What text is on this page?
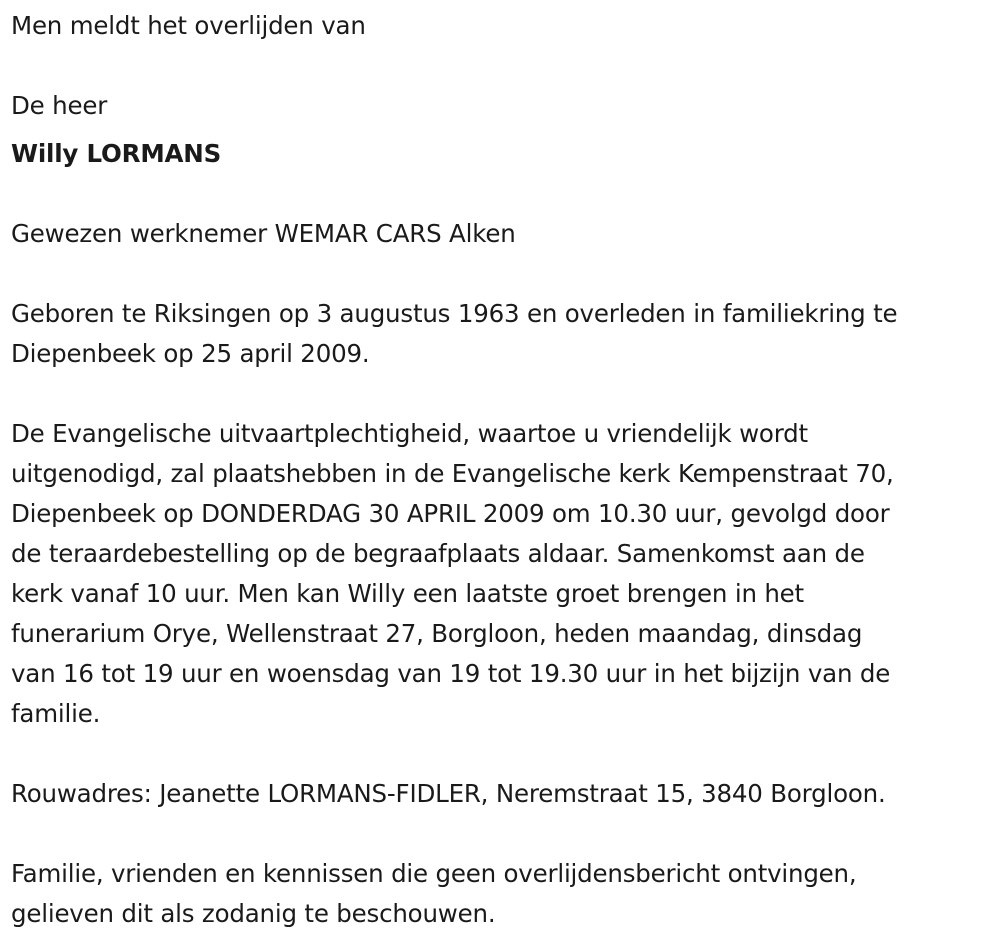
Men meldt het overlijden van
De heer
Willy LORMANS
Gewezen werknemer WEMAR CARS Alken
Geboren te Riksingen op 3 augustus 1963 en overleden in familiekring te
Diepenbeek op 25 april 2009.
De Evangelische uitvaartplechtigheid, waartoe u vriendelijk wordt
uitgenodigd, zal plaatshebben in de Evangelische kerk Kempenstraat 70,
Diepenbeek op DONDERDAG 30 APRIL 2009 om 10.30 uur, gevolgd door
de teraardebestelling op de begraafplaats aldaar. Samenkomst aan de
kerk vanaf 10 uur. Men kan Willy een laatste groet brengen in het
funerarium Orye, Wellenstraat 27, Borgloon, heden maandag, dinsdag
van 16 tot 19 uur en woensdag van 19 tot 19.30 uur in het bijzijn van de
familie.
Rouwadres: Jeanette LORMANS-FIDLER, Neremstraat 15, 3840 Borgloon.
Familie, vrienden en kennissen die geen overlijdensbericht ontvingen,
gelieven dit als zodanig te beschouwen.
